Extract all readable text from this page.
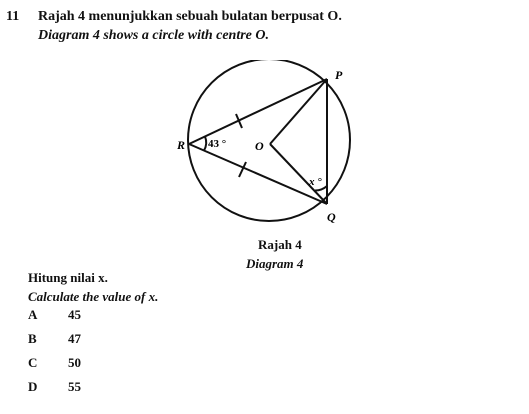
11 Rajah 4 menunjukkan sebuah bulatan berpusat O.
Diagram 4 shows a circle with centre O.
P
Q
R	O
43 °
x °
Rajah 4
Diagram 4
Hitung nilai x.
Calculate the value of x.
A 45
B 47
C 50
D 55
